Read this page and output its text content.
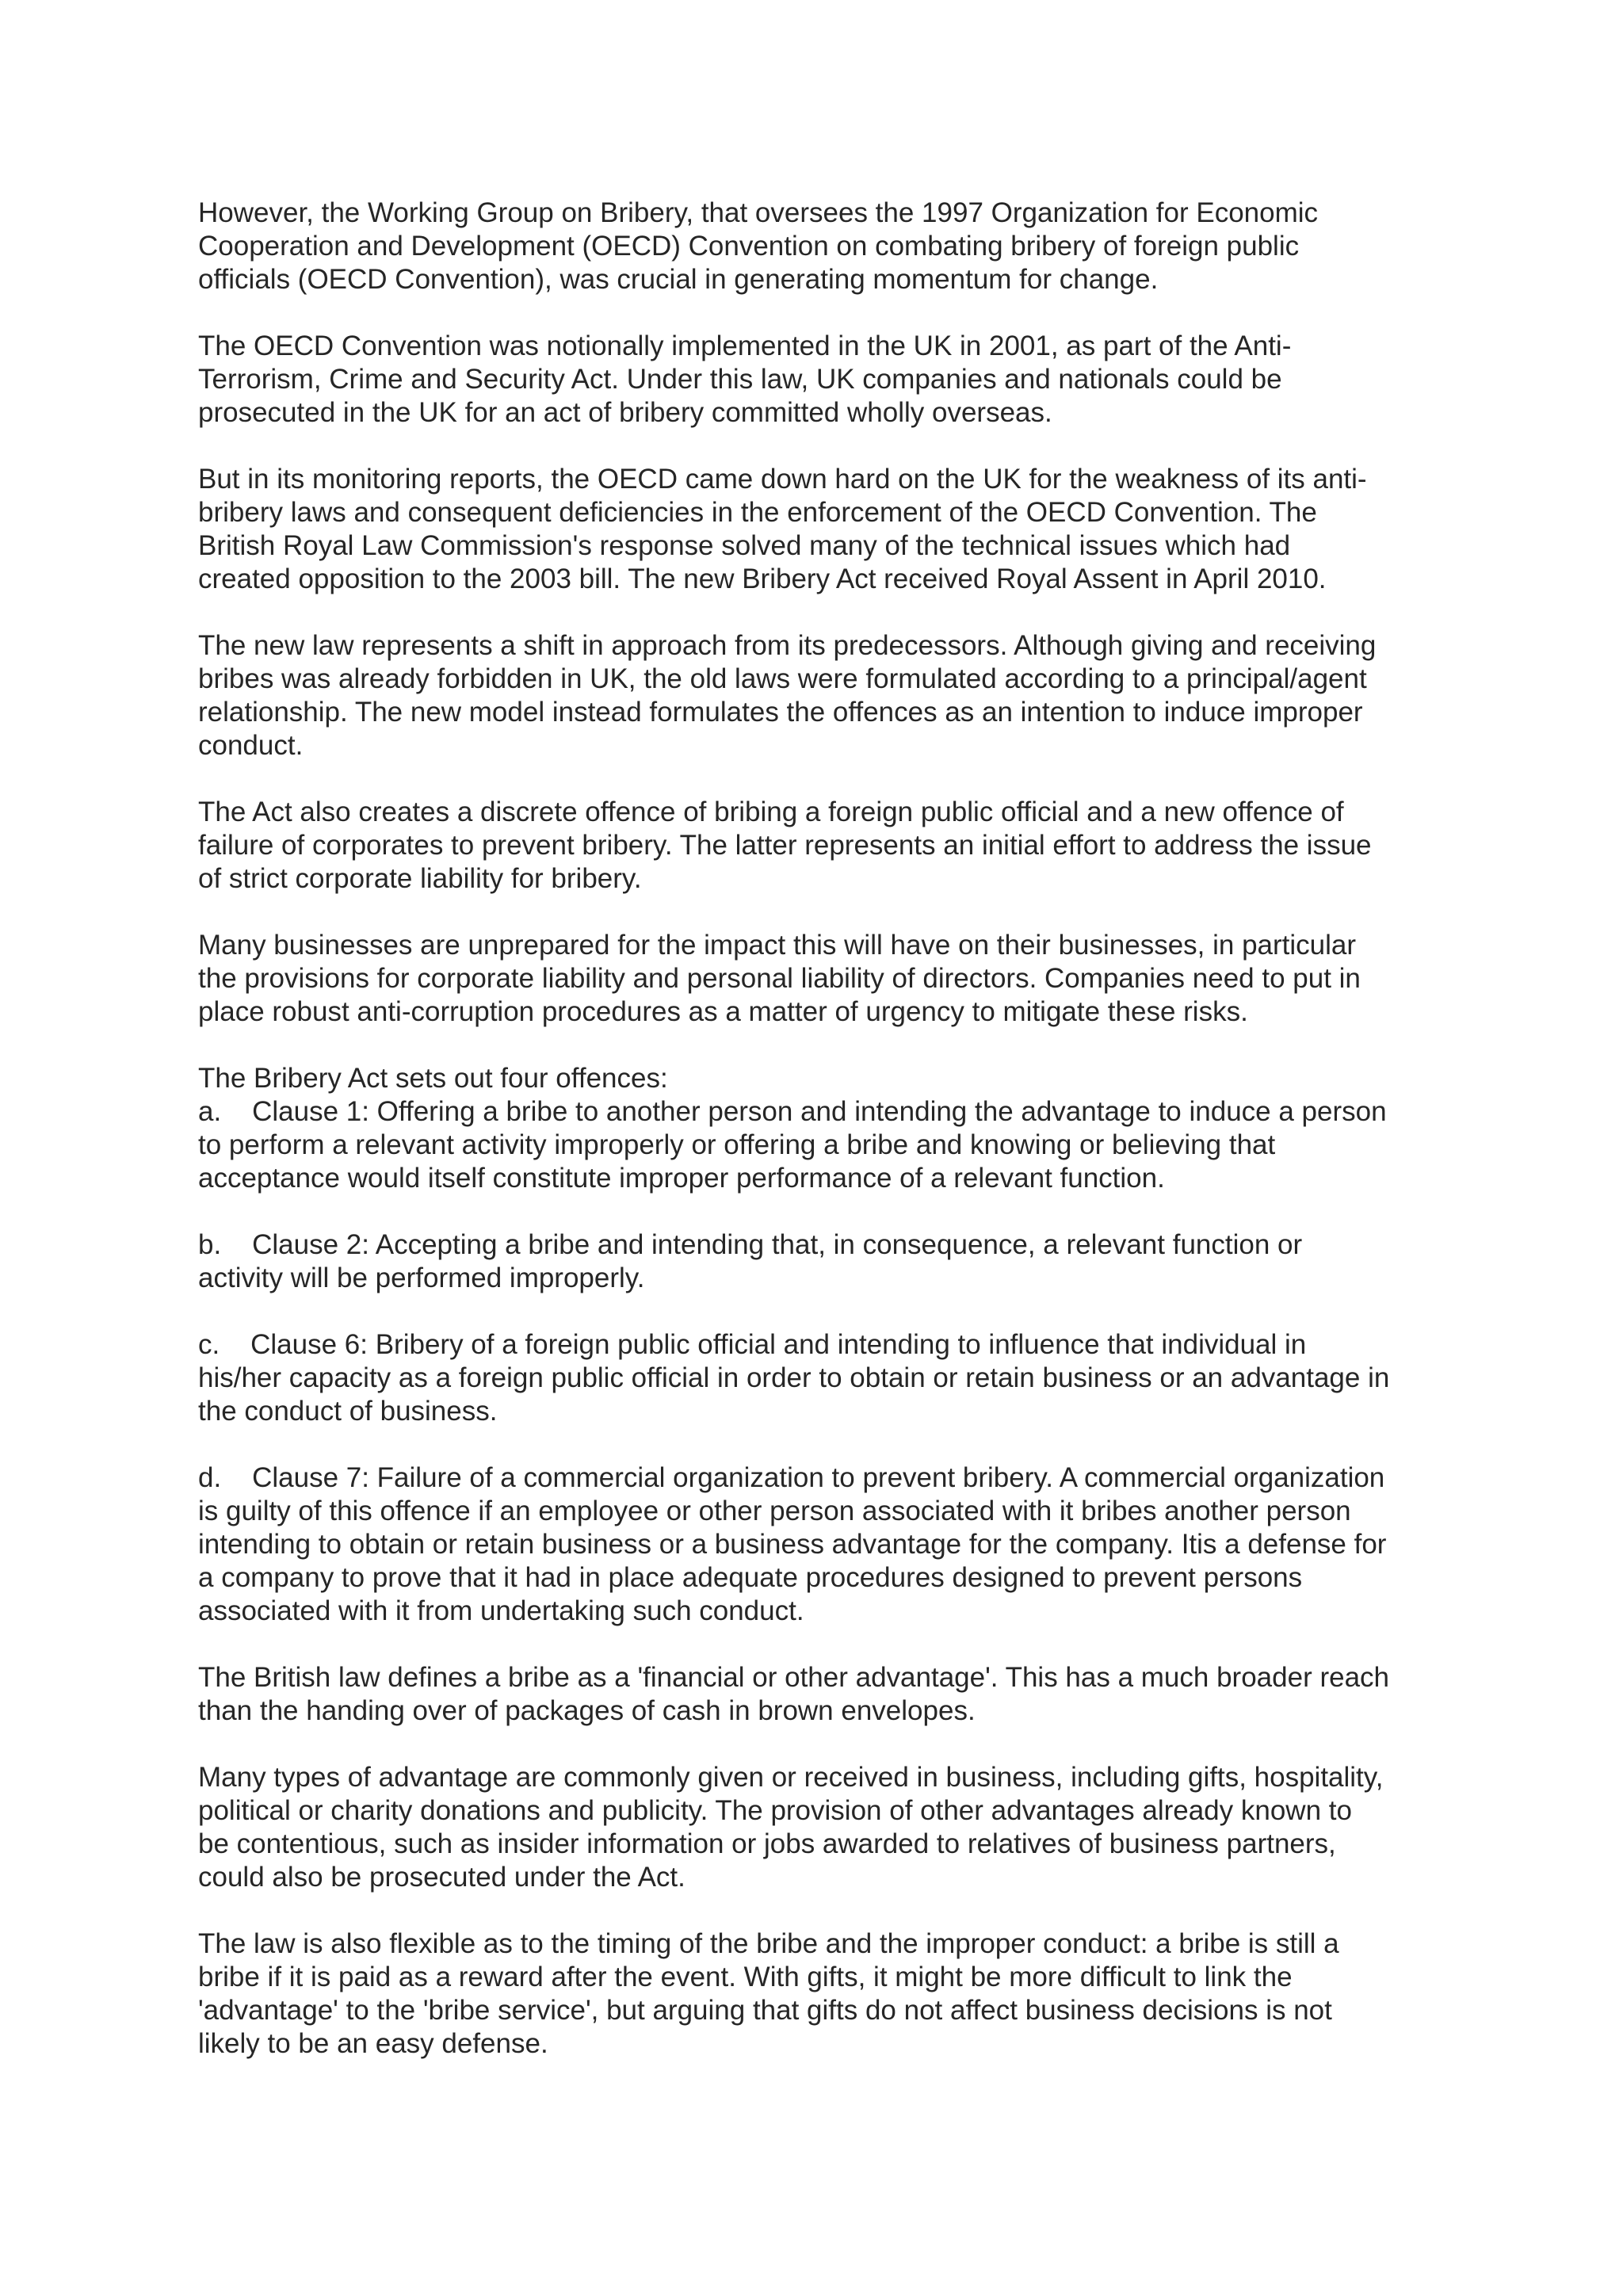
However, the Working Group on Bribery, that oversees the 1997 Organization for Economic
Cooperation and Development (OECD) Convention on combating bribery of foreign public
officials (OECD Convention), was crucial in generating momentum for change.

The OECD Convention was notionally implemented in the UK in 2001, as part of the Anti-
Terrorism, Crime and Security Act. Under this law, UK companies and nationals could be
prosecuted in the UK for an act of bribery committed wholly overseas.

But in its monitoring reports, the OECD came down hard on the UK for the weakness of its anti-
bribery laws and consequent deficiencies in the enforcement of the OECD Convention. The
British Royal Law Commission's response solved many of the technical issues which had
created opposition to the 2003 bill. The new Bribery Act received Royal Assent in April 2010.

The new law represents a shift in approach from its predecessors. Although giving and receiving
bribes was already forbidden in UK, the old laws were formulated according to a principal/agent
relationship. The new model instead formulates the offences as an intention to induce improper
conduct.

The Act also creates a discrete offence of bribing a foreign public official and a new offence of
failure of corporates to prevent bribery. The latter represents an initial effort to address the issue
of strict corporate liability for bribery.

Many businesses are unprepared for the impact this will have on their businesses, in particular
the provisions for corporate liability and personal liability of directors. Companies need to put in
place robust anti-corruption procedures as a matter of urgency to mitigate these risks.

The Bribery Act sets out four offences:
a.    Clause 1: Offering a bribe to another person and intending the advantage to induce a person
to perform a relevant activity improperly or offering a bribe and knowing or believing that
acceptance would itself constitute improper performance of a relevant function.

b.    Clause 2: Accepting a bribe and intending that, in consequence, a relevant function or
activity will be performed improperly.

c.    Clause 6: Bribery of a foreign public official and intending to influence that individual in
his/her capacity as a foreign public official in order to obtain or retain business or an advantage in
the conduct of business.

d.    Clause 7: Failure of a commercial organization to prevent bribery. A commercial organization
is guilty of this offence if an employee or other person associated with it bribes another person
intending to obtain or retain business or a business advantage for the company. Itis a defense for
a company to prove that it had in place adequate procedures designed to prevent persons
associated with it from undertaking such conduct.

The British law defines a bribe as a 'financial or other advantage'. This has a much broader reach
than the handing over of packages of cash in brown envelopes.

Many types of advantage are commonly given or received in business, including gifts, hospitality,
political or charity donations and publicity. The provision of other advantages already known to
be contentious, such as insider information or jobs awarded to relatives of business partners,
could also be prosecuted under the Act.

The law is also flexible as to the timing of the bribe and the improper conduct: a bribe is still a
bribe if it is paid as a reward after the event. With gifts, it might be more difficult to link the
'advantage' to the 'bribe service', but arguing that gifts do not affect business decisions is not
likely to be an easy defense.
